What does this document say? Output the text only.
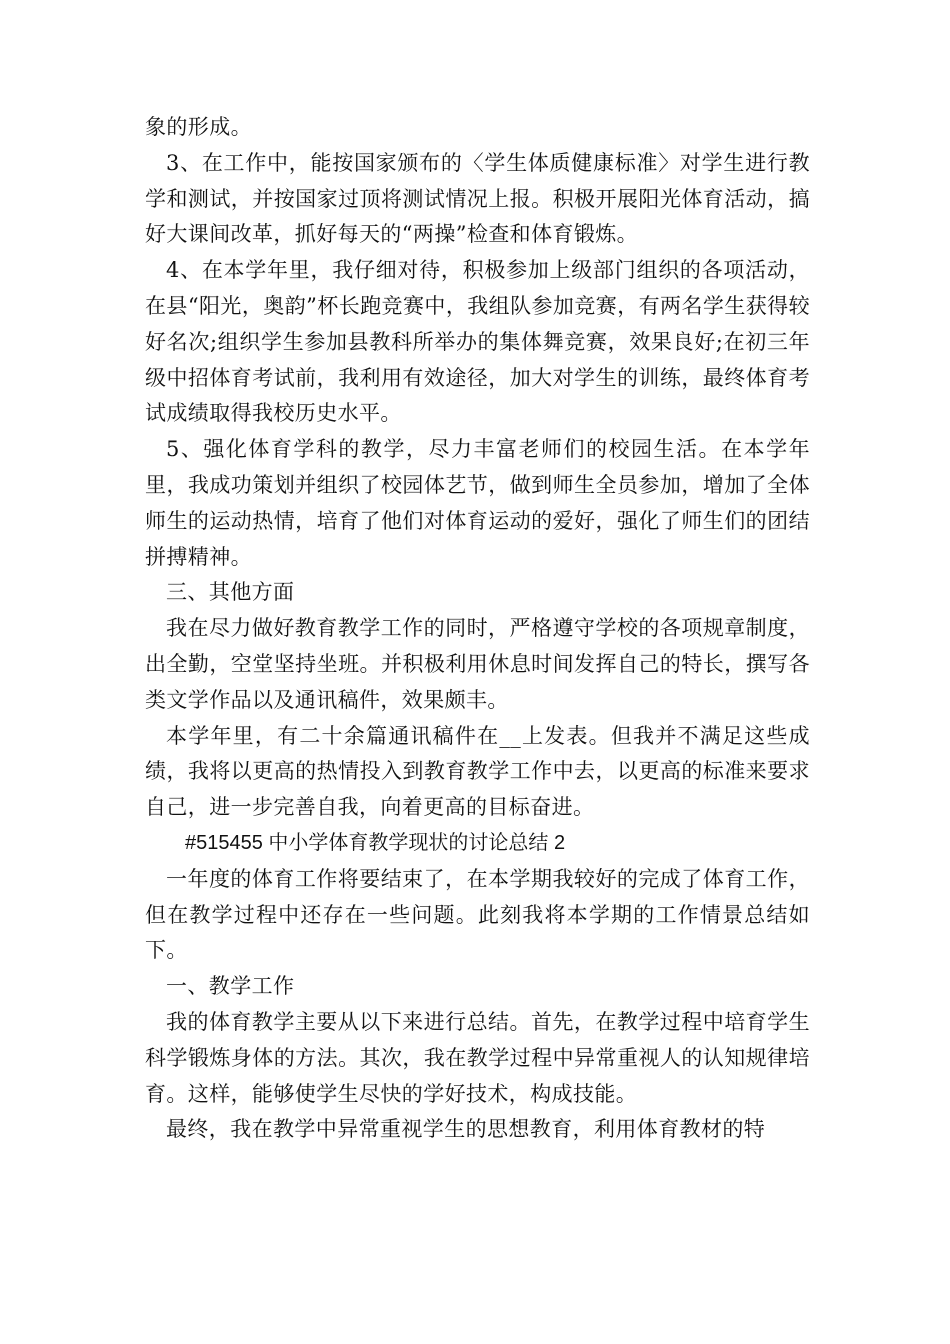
象的形成。

3、在工作中，能按国家颁布的〈学生体质健康标准〉对学生进行教学和测试，并按国家过顶将测试情况上报。积极开展阳光体育活动，搞好大课间改革，抓好每天的“两操”检查和体育锻炼。

4、在本学年里，我仔细对待，积极参加上级部门组织的各项活动，在县“阳光，奥韵”杯长跑竞赛中，我组队参加竞赛，有两名学生获得较好名次;组织学生参加县教科所举办的集体舞竞赛，效果良好;在初三年级中招体育考试前，我利用有效途径，加大对学生的训练，最终体育考试成绩取得我校历史水平。

5、强化体育学科的教学，尽力丰富老师们的校园生活。在本学年里，我成功策划并组织了校园体艺节，做到师生全员参加，增加了全体师生的运动热情，培育了他们对体育运动的爱好，强化了师生们的团结拼搏精神。

三、其他方面

我在尽力做好教育教学工作的同时，严格遵守学校的各项规章制度，出全勤，空堂坚持坐班。并积极利用休息时间发挥自己的特长，撰写各类文学作品以及通讯稿件，效果颇丰。

本学年里，有二十余篇通讯稿件在__上发表。但我并不满足这些成绩，我将以更高的热情投入到教育教学工作中去，以更高的标准来要求自己，进一步完善自我，向着更高的目标奋进。

#515455 中小学体育教学现状的讨论总结 2

一年度的体育工作将要结束了，在本学期我较好的完成了体育工作，但在教学过程中还存在一些问题。此刻我将本学期的工作情景总结如下。

一、教学工作

我的体育教学主要从以下来进行总结。首先，在教学过程中培育学生科学锻炼身体的方法。其次，我在教学过程中异常重视人的认知规律培育。这样，能够使学生尽快的学好技术，构成技能。

最终，我在教学中异常重视学生的思想教育，利用体育教材的特
